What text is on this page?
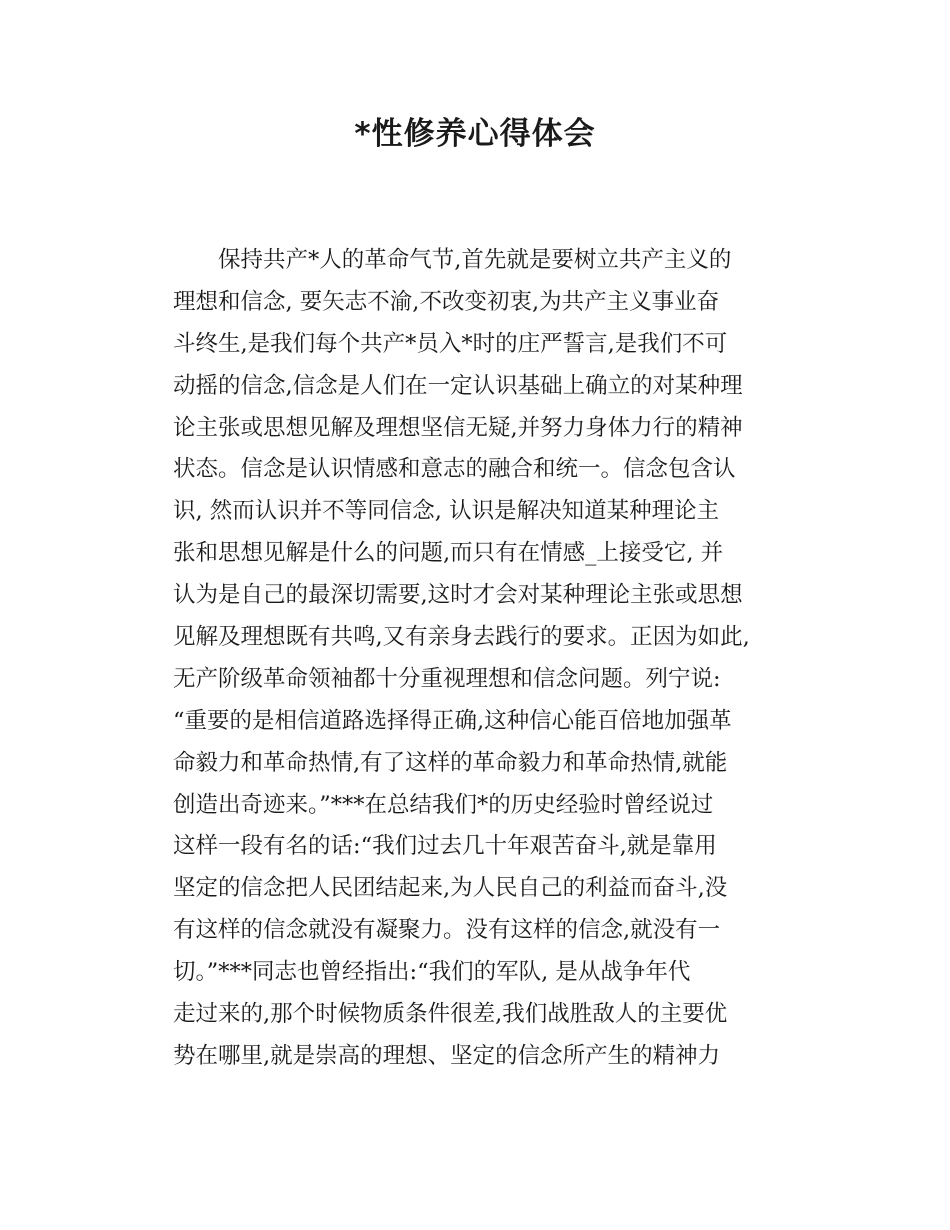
*性修养心得体会
　　保持共产*人的革命气节,首先就是要树立共产主义的
理想和信念, 要矢志不渝,不改变初衷,为共产主义事业奋
斗终生,是我们每个共产*员入*时的庄严誓言,是我们不可
动摇的信念,信念是人们在一定认识基础上确立的对某种理
论主张或思想见解及理想坚信无疑,并努力身体力行的精神
状态。信念是认识情感和意志的融合和统一。信念包含认
识, 然而认识并不等同信念, 认识是解决知道某种理论主
张和思想见解是什么的问题,而只有在情感_上接受它, 并
认为是自己的最深切需要,这时才会对某种理论主张或思想
见解及理想既有共鸣,又有亲身去践行的要求。正因为如此,
无产阶级革命领袖都十分重视理想和信念问题。列宁说:
“重要的是相信道路选择得正确,这种信心能百倍地加强革
命毅力和革命热情,有了这样的革命毅力和革命热情,就能
创造出奇迹来。”***在总结我们*的历史经验时曾经说过
这样一段有名的话:“我们过去几十年艰苦奋斗,就是靠用
坚定的信念把人民团结起来,为人民自己的利益而奋斗,没
有这样的信念就没有凝聚力。没有这样的信念,就没有一
切。”***同志也曾经指出:“我们的军队, 是从战争年代
走过来的,那个时候物质条件很差,我们战胜敌人的主要优
势在哪里,就是崇高的理想、坚定的信念所产生的精神力
